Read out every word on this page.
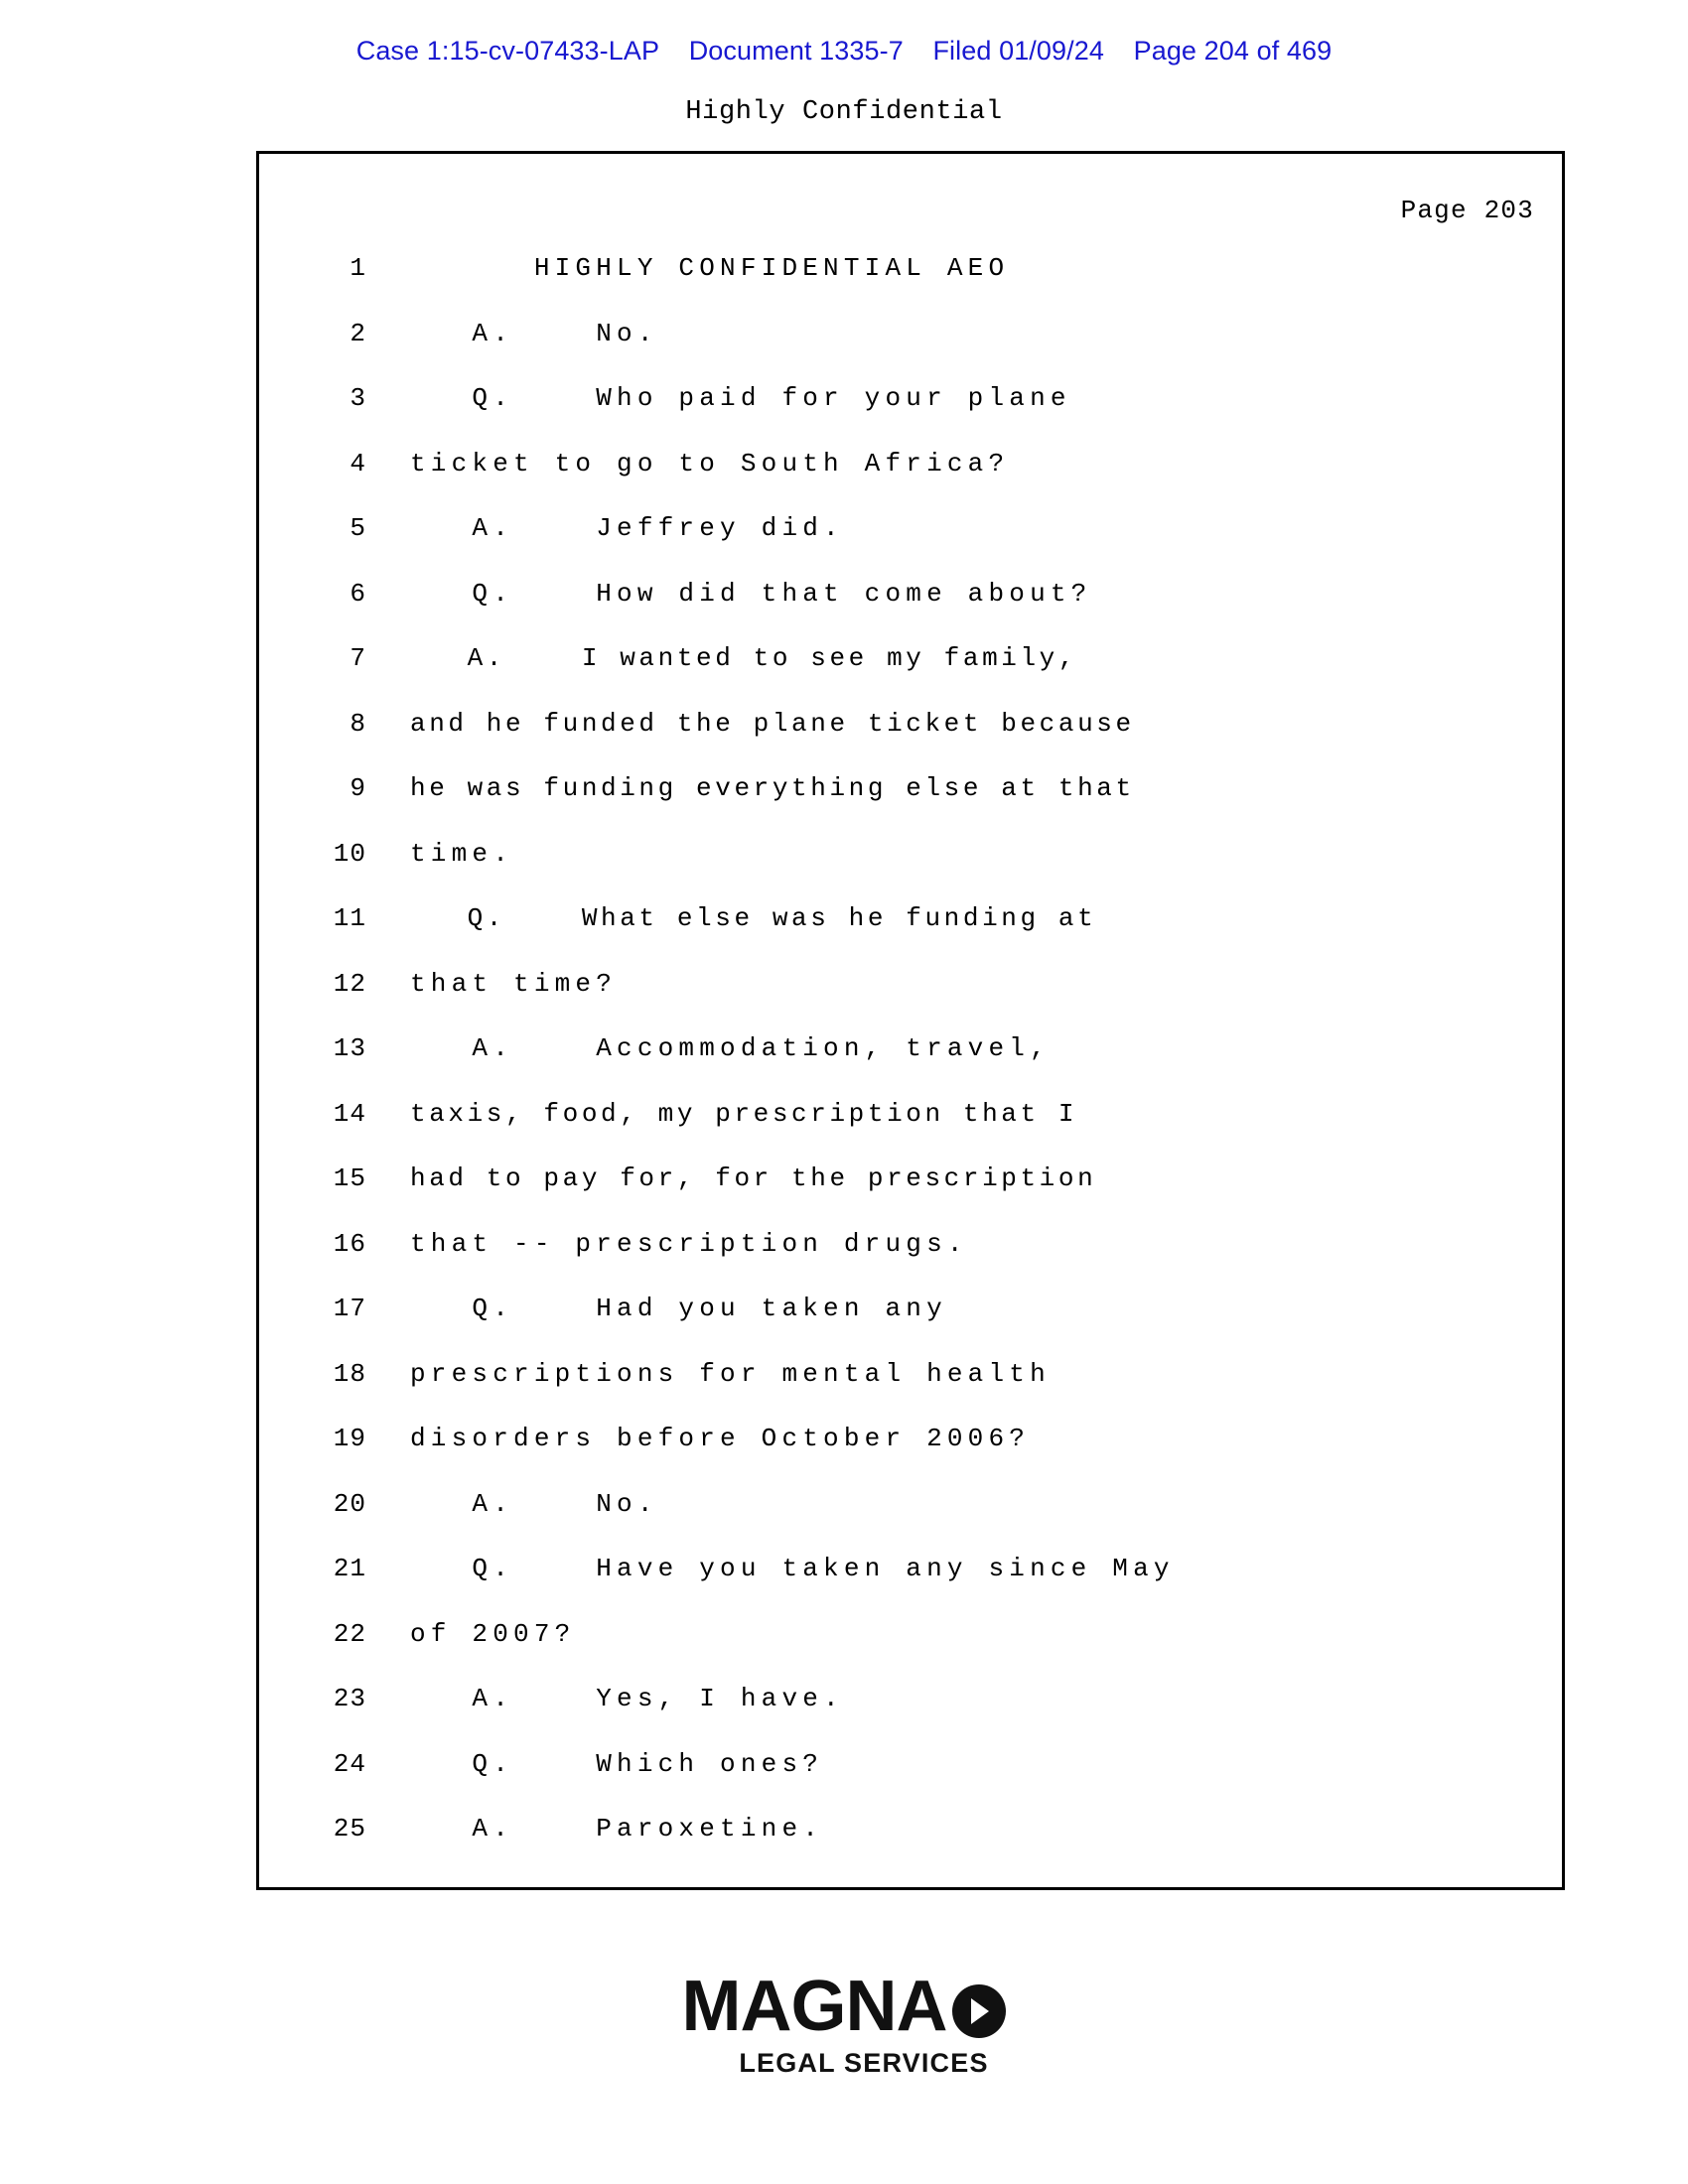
Case 1:15-cv-07433-LAP Document 1335-7 Filed 01/09/24 Page 204 of 469
Highly Confidential
Page 203
1 HIGHLY CONFIDENTIAL AEO
2 A.    No.
3 Q.    Who paid for your plane
4 ticket to go to South Africa?
5 A.    Jeffrey did.
6 Q.    How did that come about?
7 A.    I wanted to see my family,
8 and he funded the plane ticket because
9 he was funding everything else at that
10 time.
11 Q.    What else was he funding at
12 that time?
13 A.    Accommodation, travel,
14 taxis, food, my prescription that I
15 had to pay for, for the prescription
16 that -- prescription drugs.
17 Q.    Had you taken any
18 prescriptions for mental health
19 disorders before October 2006?
20 A.    No.
21 Q.    Have you taken any since May
22 of 2007?
23 A.    Yes, I have.
24 Q.    Which ones?
25 A.    Paroxetine.
MAGNA
LEGAL SERVICES
